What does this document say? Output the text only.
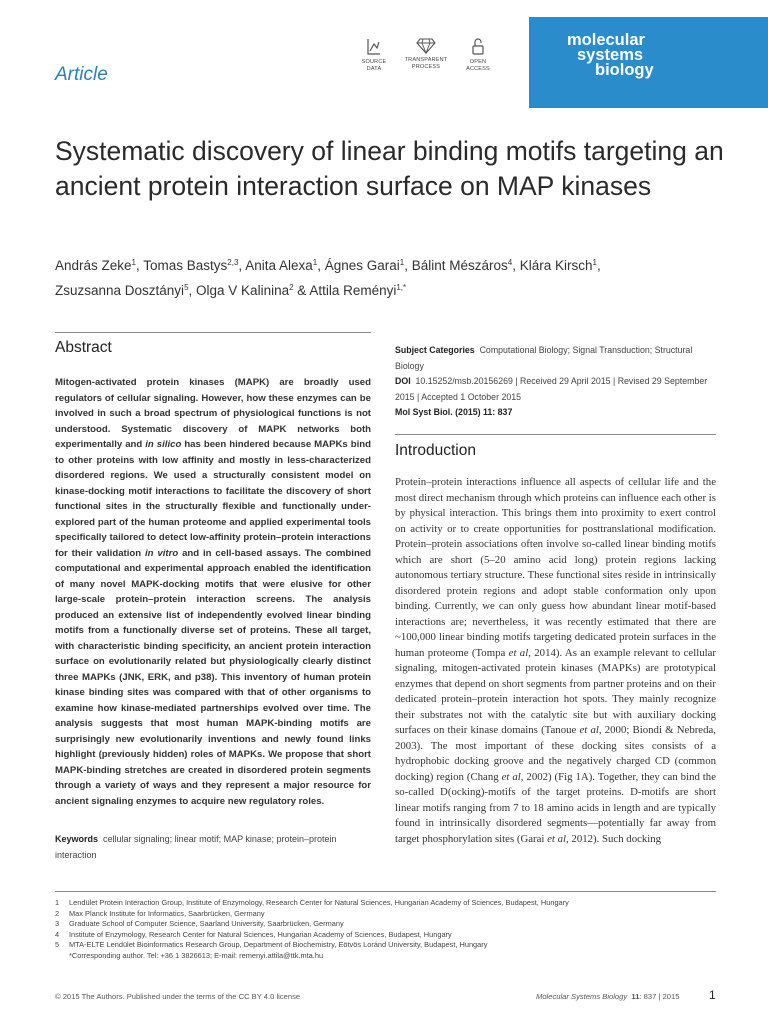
Article
SOURCE
DATA
TRANSPARENT
PROCESS
OPEN
ACCESS
molecular
systems
biology
Systematic discovery of linear binding motifs targeting an ancient protein interaction surface on MAP kinases
András Zeke$^1$, Tomas Bastys$^{2,3}$, Anita Alexa$^1$, Ágnes Garai$^1$, Bálint Mészáros$^4$, Klára Kirsch$^1$,
Zsuzsanna Dosztányi$^5$, Olga V Kalinina$^2$ & Attila Reményi$^{1,*}$
Abstract

Mitogen-activated protein kinases (MAPK) are broadly used regulators of cellular signaling. However, how these enzymes can be involved in such a broad spectrum of physiological functions is not understood. Systematic discovery of MAPK networks both experimentally and in silico has been hindered because MAPKs bind to other proteins with low affinity and mostly in less-characterized disordered regions. We used a structurally consistent model on kinase-docking motif interactions to facilitate the discovery of short functional sites in the structurally flexible and functionally under-explored part of the human proteome and applied experimental tools specifically tailored to detect low-affinity protein–protein interactions for their validation in vitro and in cell-based assays. The combined computational and experimental approach enabled the identification of many novel MAPK-docking motifs that were elusive for other large-scale protein–protein interaction screens. The analysis produced an extensive list of independently evolved linear binding motifs from a functionally diverse set of proteins. These all target, with characteristic binding specificity, an ancient protein interaction surface on evolutionarily related but physiologically clearly distinct three MAPKs (JNK, ERK, and p38). This inventory of human protein kinase binding sites was compared with that of other organisms to examine how kinase-mediated partnerships evolved over time. The analysis suggests that most human MAPK-binding motifs are surprisingly new evolutionarily inventions and newly found links highlight (previously hidden) roles of MAPKs. We propose that short MAPK-binding stretches are created in disordered protein segments through a variety of ways and they represent a major resource for ancient signaling enzymes to acquire new regulatory roles.

Keywords cellular signaling; linear motif; MAP kinase; protein–protein interaction
Subject Categories Computational Biology; Signal Transduction; Structural Biology
DOI 10.15252/msb.20156269 | Received 29 April 2015 | Revised 29 September 2015 | Accepted 1 October 2015
Mol Syst Biol. (2015) 11: 837
Introduction

Protein–protein interactions influence all aspects of cellular life and the most direct mechanism through which proteins can influence each other is by physical interaction. This brings them into proximity to exert control on activity or to create opportunities for posttranslational modification. Protein–protein associations often involve so-called linear binding motifs which are short (5–20 amino acid long) protein regions lacking autonomous tertiary structure. These functional sites reside in intrinsically disordered protein regions and adopt stable conformation only upon binding. Currently, we can only guess how abundant linear motif-based interactions are; nevertheless, it was recently estimated that there are ~100,000 linear binding motifs targeting dedicated protein surfaces in the human proteome (Tompa et al, 2014). As an example relevant to cellular signaling, mitogen-activated protein kinases (MAPKs) are prototypical enzymes that depend on short segments from partner proteins and on their dedicated protein–protein interaction hot spots. They mainly recognize their substrates not with the catalytic site but with auxiliary docking surfaces on their kinase domains (Tanoue et al, 2000; Biondi & Nebreda, 2003). The most important of these docking sites consists of a hydrophobic docking groove and the negatively charged CD (common docking) region (Chang et al, 2002) (Fig 1A). Together, they can bind the so-called D(ocking)-motifs of the target proteins. D-motifs are short linear motifs ranging from 7 to 18 amino acids in length and are typically found in intrinsically disordered segments—potentially far away from target phosphorylation sites (Garai et al, 2012). Such docking

1	Lendület Protein Interaction Group, Institute of Enzymology, Research Center for Natural Sciences, Hungarian Academy of Sciences, Budapest, Hungary
2	Max Planck Institute for Informatics, Saarbrücken, Germany
3	Graduate School of Computer Science, Saarland University, Saarbrücken, Germany
4	Institute of Enzymology, Research Center for Natural Sciences, Hungarian Academy of Sciences, Budapest, Hungary
5	MTA-ELTE Lendület Bioinformatics Research Group, Department of Biochemistry, Eötvös Loránd University, Budapest, Hungary
*Corresponding author. Tel: +36 1 3826613; E-mail: remenyi.attila@ttk.mta.hu
© 2015 The Authors. Published under the terms of the CC BY 4.0 license	Molecular Systems Biology 11: 837 | 2015 1
